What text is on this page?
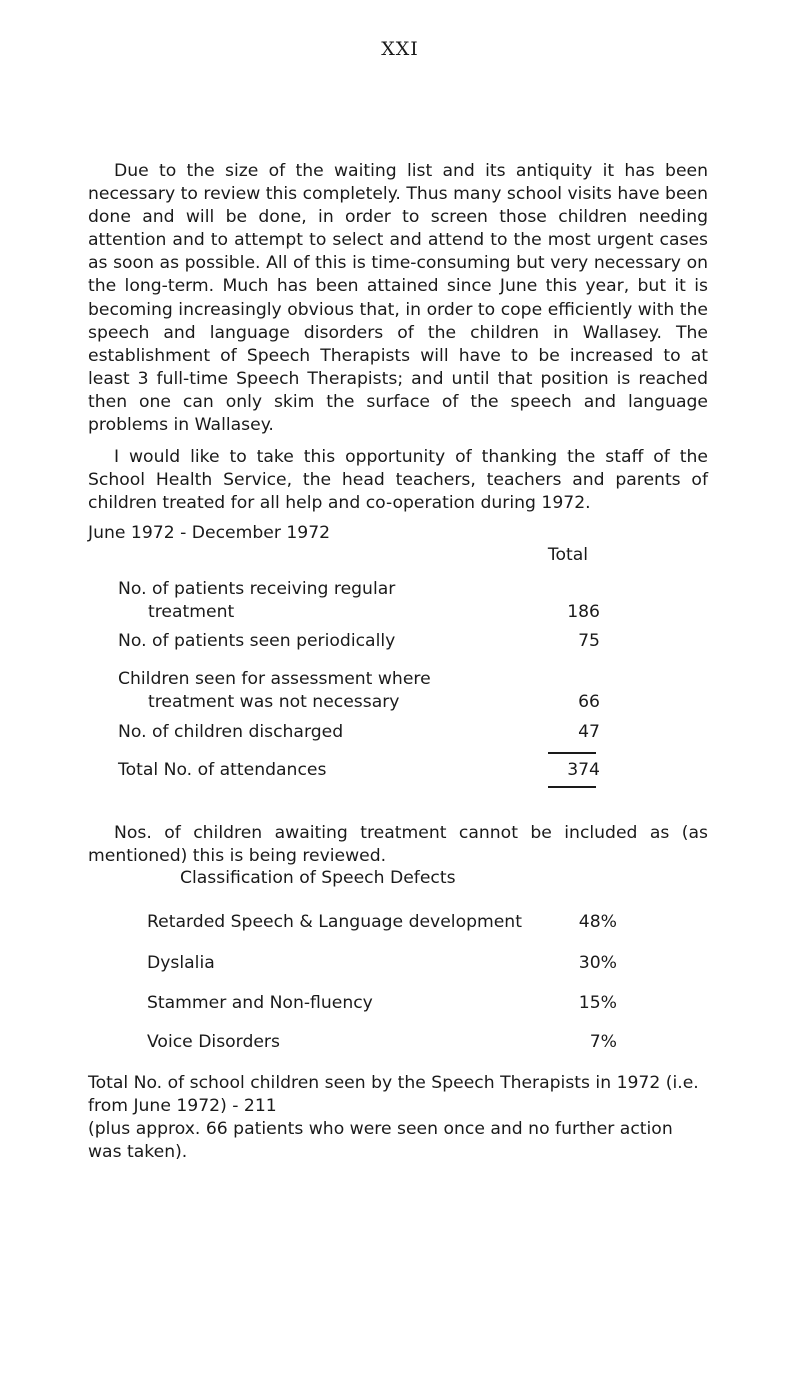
XXI

Due to the size of the waiting list and its antiquity it has been necessary to review this completely. Thus many school visits have been done and will be done, in order to screen those children needing attention and to attempt to select and attend to the most urgent cases as soon as possible. All of this is time-consuming but very necessary on the long-term. Much has been attained since June this year, but it is becoming increasingly obvious that, in order to cope efficiently with the speech and language disorders of the children in Wallasey. The establishment of Speech Therapists will have to be increased to at least 3 full-time Speech Therapists; and until that position is reached then one can only skim the surface of the speech and language problems in Wallasey.

I would like to take this opportunity of thanking the staff of the School Health Service, the head teachers, teachers and parents of children treated for all help and co-operation during 1972.

June 1972 - December 1972
Total
No. of patients receiving regular
treatment	186
No. of patients seen periodically	75
Children seen for assessment where
treatment was not necessary	66
No. of children discharged	47
Total No. of attendances	374

Nos. of children awaiting treatment cannot be included as (as mentioned) this is being reviewed.

Classification of Speech Defects
Retarded Speech & Language development	48%
Dyslalia	30%
Stammer and Non-fluency	15%
Voice Disorders	7%
Total No. of school children seen by the Speech Therapists in 1972 (i.e. from June 1972) - 211
(plus approx. 66 patients who were seen once and no further action was taken).
